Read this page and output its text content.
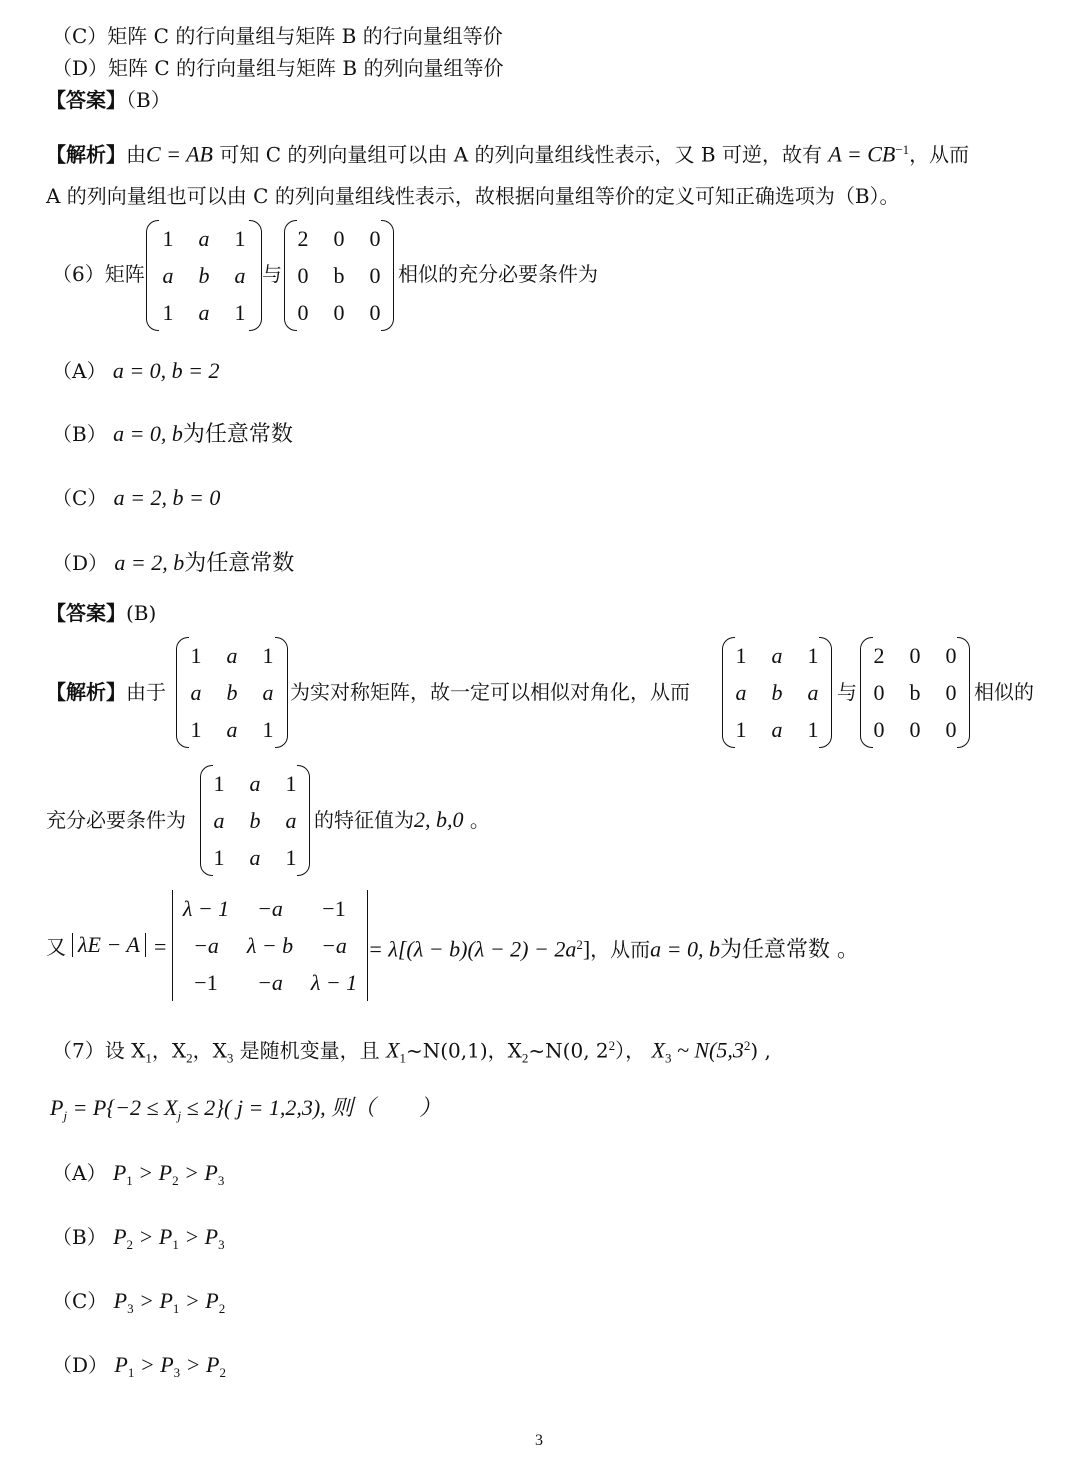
（C）矩阵 C 的行向量组与矩阵 B 的行向量组等价
（D）矩阵 C 的行向量组与矩阵 B 的列向量组等价
【答案】（B）
【解析】由C = AB 可知 C 的列向量组可以由 A 的列向量组线性表示，又 B 可逆，故有 $A = CB^{-1}$，从而
A 的列向量组也可以由 C 的列向量组线性表示，故根据向量组等价的定义可知正确选项为（B）。
（6）矩阵
1	a	1
a	b	a
1	a	1
与
2	0	0
0	b	0
0	0	0
相似的充分必要条件为
（A） a = 0, b = 2
（B） a = 0, b为任意常数
（C） a = 2, b = 0
（D） a = 2, b为任意常数
【答案】(B)
【解析】由于
1	a	1
a	b	a
1	a	1
为实对称矩阵，故一定可以相似对角化，从而
1	a	1
a	b	a
1	a	1
与
2	0	0
0	b	0
0	0	0
相似的
充分必要条件为
1	a	1
a	b	a
1	a	1
的特征值为2, b,0 。
又 λE − A =
λ − 1	−a	−1
−a	λ − b	−a
−1	−a	λ − 1
= $\lambda[(\lambda - b)(\lambda - 2) - 2a^2]$，从而a = 0, b为任意常数 。
（7）设 $X_1$，$X_2$，$X_3$ 是随机变量，且 $X_1\sim N(0,1)$，$X_2\sim N(0$, $2^2$）， $X_3$ ~ $N(5,3^2)$ ,
$P_j = P\{-2 \le X_j \le 2\}$( j = 1,2,3), 则（　　）
（A） $P_1 > P_2 > P_3$
（B） $P_2 > P_1 > P_3$
（C） $P_3 > P_1 > P_2$
（D） $P_1 > P_3 > P_2$
3
